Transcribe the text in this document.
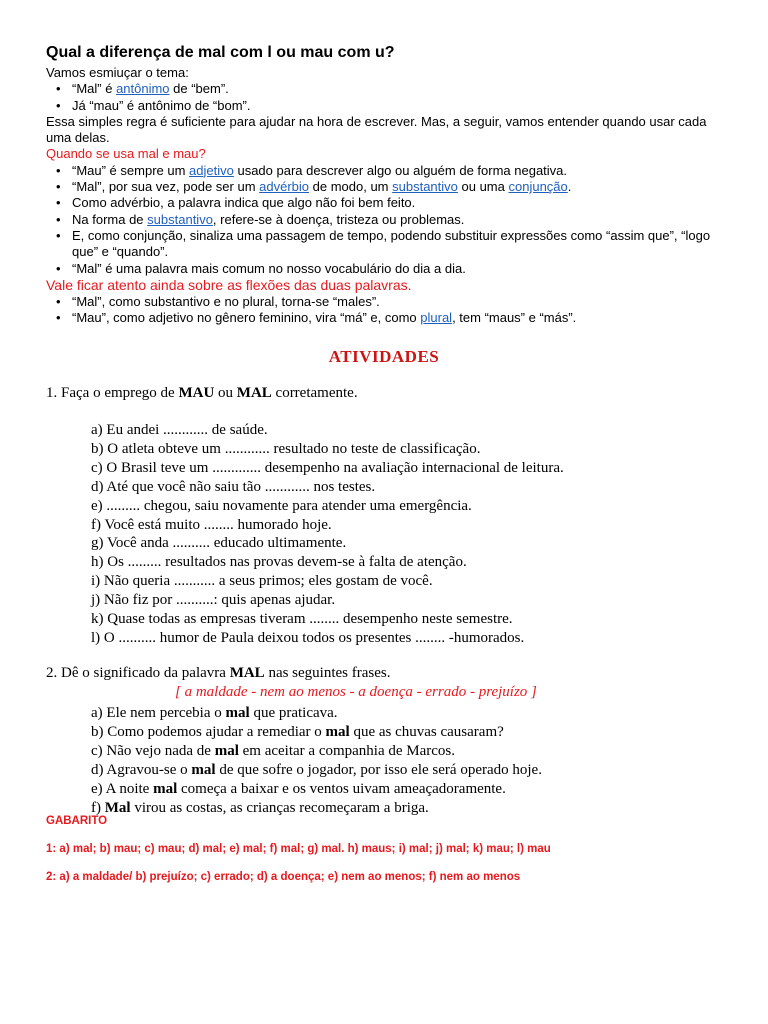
Qual a diferença de mal com l ou mau com u?
Vamos esmiuçar o tema:
• “Mal” é antônimo de “bem”.
• Já “mau” é antônimo de “bom”.
Essa simples regra é suficiente para ajudar na hora de escrever. Mas, a seguir, vamos entender quando usar cada uma delas.
Quando se usa mal e mau?
• “Mau” é sempre um adjetivo usado para descrever algo ou alguém de forma negativa.
• “Mal”, por sua vez, pode ser um advérbio de modo, um substantivo ou uma conjunção.
• Como advérbio, a palavra indica que algo não foi bem feito.
• Na forma de substantivo, refere-se à doença, tristeza ou problemas.
• E, como conjunção, sinaliza uma passagem de tempo, podendo substituir expressões como “assim que”, “logo que” e “quando”.
• “Mal” é uma palavra mais comum no nosso vocabulário do dia a dia.
Vale ficar atento ainda sobre as flexões das duas palavras.
• “Mal”, como substantivo e no plural, torna-se “males”.
• “Mau”, como adjetivo no gênero feminino, vira “má” e, como plural, tem “maus” e “más”.
ATIVIDADES
1. Faça o emprego de MAU ou MAL corretamente.
a) Eu andei ............ de saúde.
b) O atleta obteve um ............ resultado no teste de classificação.
c) O Brasil teve um ............. desempenho na avaliação internacional de leitura.
d) Até que você não saiu tão ............ nos testes.
e) ......... chegou, saiu novamente para atender uma emergência.
f) Você está muito ........ humorado hoje.
g) Você anda .......... educado ultimamente.
h) Os ......... resultados nas provas devem-se à falta de atenção.
i) Não queria ........... a seus primos; eles gostam de você.
j) Não fiz por ..........: quis apenas ajudar.
k) Quase todas as empresas tiveram ........ desempenho neste semestre.
l) O .......... humor de Paula deixou todos os presentes ........ -humorados.
2. Dê o significado da palavra MAL nas seguintes frases.
[ a maldade - nem ao menos - a doença - errado - prejuízo ]
a) Ele nem percebia o mal que praticava.
b) Como podemos ajudar a remediar o mal que as chuvas causaram?
c) Não vejo nada de mal em aceitar a companhia de Marcos.
d) Agravou-se o mal de que sofre o jogador, por isso ele será operado hoje.
e) A noite mal começa a baixar e os ventos uivam ameaçadoramente.
f) Mal virou as costas, as crianças recomeçaram a briga.
GABARITO
1: a) mal; b) mau; c) mau; d) mal; e) mal; f) mal; g) mal. h) maus; i) mal; j) mal; k) mau; l) mau
2: a) a maldade/ b) prejuízo; c) errado; d) a doença; e) nem ao menos; f) nem ao menos
